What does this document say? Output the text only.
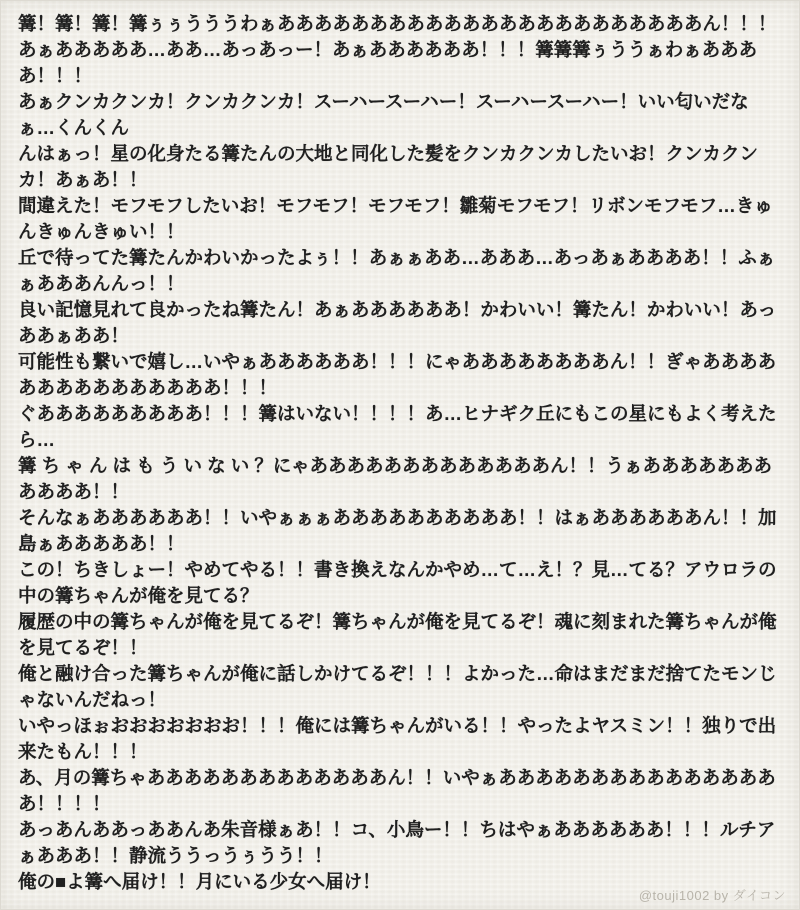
篝！篝！篝！篝ぅぅうううわぁあああああああああああああああああああああああん！！！あぁあああああ…ああ…あっあっー！あぁああああああ！！！篝篝篝ぅううぁわぁああああ！！！

あぁクンカクンカ！クンカクンカ！スーハースーハー！スーハースーハー！いい匂いだなぁ…くんくん

んはぁっ！星の化身たる篝たんの大地と同化した髪をクンカクンカしたいお！クンカクンカ！あぁあ！！

間違えた！モフモフしたいお！モフモフ！モフモフ！雛菊モフモフ！リボンモフモフ…きゅんきゅんきゅい！！

丘で待ってた篝たんかわいかったよぅ！！あぁぁああ…あああ…あっあぁああああ！！ふぁぁあああんんっ！！

良い記憶見れて良かったね篝たん！あぁああああああ！かわいい！篝たん！かわいい！あっああぁああ！

可能性も繋いで嬉し…いやぁああああああ！！！にゃああああああああん！！ぎゃあああああああああああああああ！！！

ぐあああああああああ！！！篝はいない！！！！あ…ヒナギク丘にもこの星にもよく考えたら…

篝 ち ゃ ん は も う い な い ？にゃあああああああああああああん！！うぁあああああああああああ！！

そんなぁああああああ！！いやぁぁぁああああああああああ！！はぁああああああん！！加島ぁあああああ！！

この！ちきしょー！やめてやる！！書き換えなんかやめ…て…え！？見…てる？アウロラの中の篝ちゃんが俺を見てる？

履歴の中の篝ちゃんが俺を見てるぞ！篝ちゃんが俺を見てるぞ！魂に刻まれた篝ちゃんが俺を見てるぞ！！

俺と融け合った篝ちゃんが俺に話しかけてるぞ！！！よかった…命はまだまだ捨てたモンじゃないんだねっ！

いやっほぉおおおおおおお！！！俺には篝ちゃんがいる！！やったよヤスミン！！独りで出来たもん！！！

あ、月の篝ちゃあああああああああああああん！！いやぁああああああああああああああああ！！！！

あっあんああっああんあ朱音様ぁあ！！コ、小鳥ー！！ちはやぁああああああ！！！ルチアぁあああ！！静流ううっうぅうう！！

俺の■よ篝へ届け！！月にいる少女へ届け！

@touji1002 by ダイコン
